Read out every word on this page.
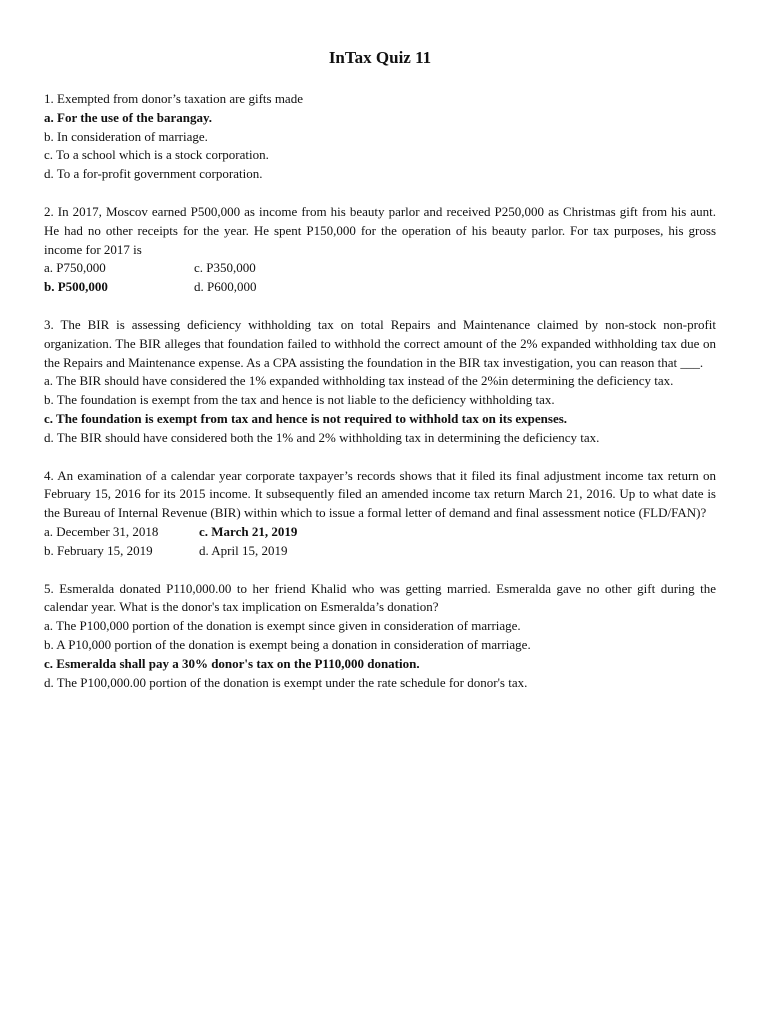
InTax Quiz 11
1. Exempted from donor’s taxation are gifts made
a. For the use of the barangay.
b. In consideration of marriage.
c. To a school which is a stock corporation.
d. To a for-profit government corporation.
2. In 2017, Moscov earned P500,000 as income from his beauty parlor and received P250,000 as Christmas gift from his aunt. He had no other receipts for the year. He spent P150,000 for the operation of his beauty parlor. For tax purposes, his gross income for 2017 is
a. P750,000	c. P350,000
b. P500,000	d. P600,000
3. The BIR is assessing deficiency withholding tax on total Repairs and Maintenance claimed by non-stock non-profit organization. The BIR alleges that foundation failed to withhold the correct amount of the 2% expanded withholding tax due on the Repairs and Maintenance expense. As a CPA assisting the foundation in the BIR tax investigation, you can reason that ___.
a. The BIR should have considered the 1% expanded withholding tax instead of the 2%in determining the deficiency tax.
b. The foundation is exempt from the tax and hence is not liable to the deficiency withholding tax.
c. The foundation is exempt from tax and hence is not required to withhold tax on its expenses.
d. The BIR should have considered both the 1% and 2% withholding tax in determining the deficiency tax.
4. An examination of a calendar year corporate taxpayer’s records shows that it filed its final adjustment income tax return on February 15, 2016 for its 2015 income. It subsequently filed an amended income tax return March 21, 2016. Up to what date is the Bureau of Internal Revenue (BIR) within which to issue a formal letter of demand and final assessment notice (FLD/FAN)?
a. December 31, 2018	c. March 21, 2019
b. February 15, 2019	d. April 15, 2019
5. Esmeralda donated P110,000.00 to her friend Khalid who was getting married. Esmeralda gave no other gift during the calendar year. What is the donor's tax implication on Esmeralda’s donation?
a. The P100,000 portion of the donation is exempt since given in consideration of marriage.
b. A P10,000 portion of the donation is exempt being a donation in consideration of marriage.
c. Esmeralda shall pay a 30% donor's tax on the P110,000 donation.
d. The P100,000.00 portion of the donation is exempt under the rate schedule for donor's tax.
